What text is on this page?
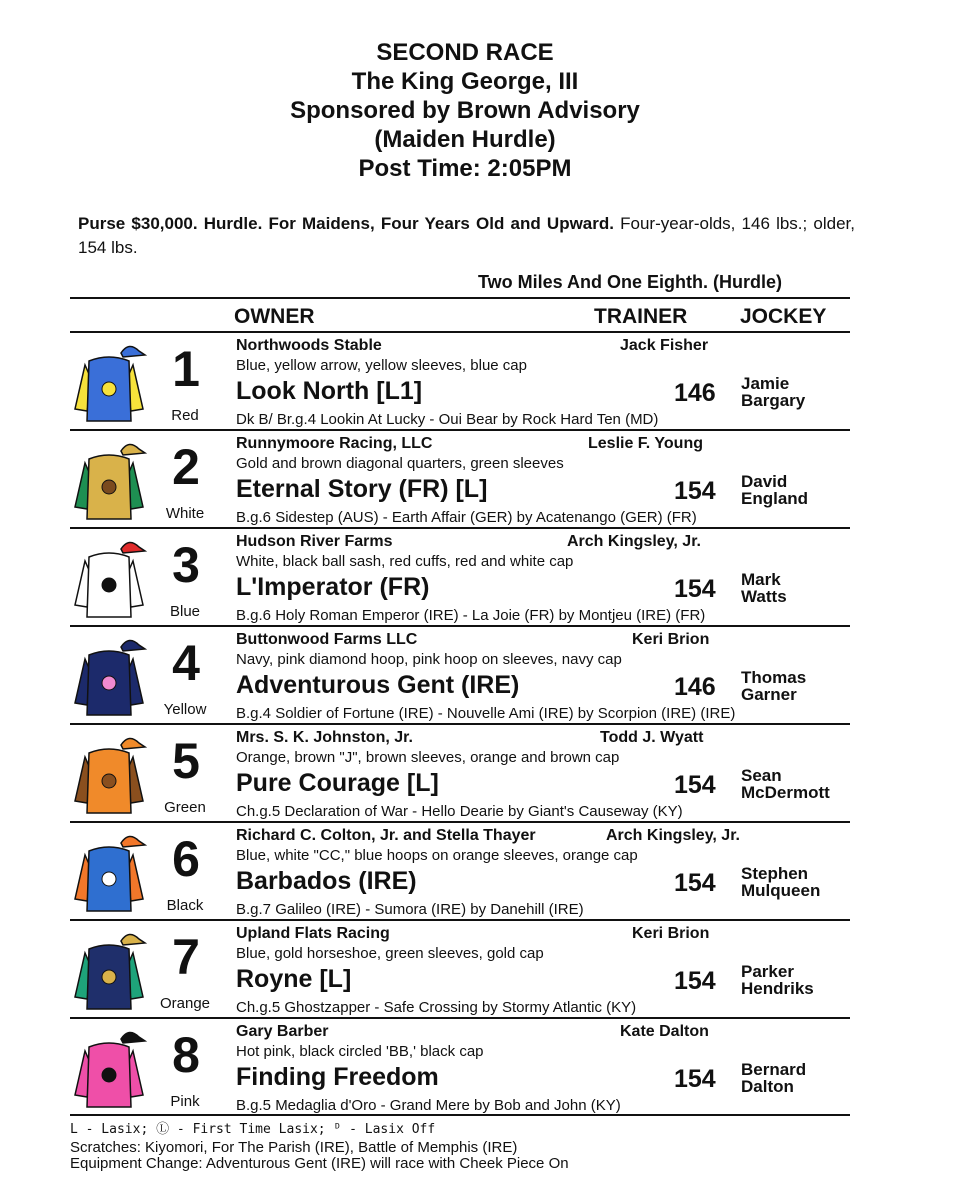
SECOND RACE
The King George, III
Sponsored by Brown Advisory
(Maiden Hurdle)
Post Time: 2:05PM
Purse $30,000. Hurdle. For Maidens, Four Years Old and Upward. Four-year-olds, 146 lbs.; older, 154 lbs.
Two Miles And One Eighth. (Hurdle)
OWNER	TRAINER	JOCKEY
1
Red
Northwoods Stable	Jack Fisher
Blue, yellow arrow, yellow sleeves, blue cap
Look North [L1]	146 Jamie
Bargary
Dk B/ Br.g.4 Lookin At Lucky - Oui Bear by Rock Hard Ten (MD)
2
White
Runnymoore Racing, LLC	Leslie F. Young
Gold and brown diagonal quarters, green sleeves
Eternal Story (FR) [L]	154 David
England
B.g.6 Sidestep (AUS) - Earth Affair (GER) by Acatenango (GER) (FR)
3
Blue
Hudson River Farms	Arch Kingsley, Jr.
White, black ball sash, red cuffs, red and white cap
L'Imperator (FR)	154 Mark
Watts
B.g.6 Holy Roman Emperor (IRE) - La Joie (FR) by Montjeu (IRE) (FR)
4
Yellow
Buttonwood Farms LLC	Keri Brion
Navy, pink diamond hoop, pink hoop on sleeves, navy cap
Adventurous Gent (IRE)	146 Thomas
Garner
B.g.4 Soldier of Fortune (IRE) - Nouvelle Ami (IRE) by Scorpion (IRE) (IRE)
5
Green
Mrs. S. K. Johnston, Jr.	Todd J. Wyatt
Orange, brown "J", brown sleeves, orange and brown cap
Pure Courage [L]	154 Sean
McDermott
Ch.g.5 Declaration of War - Hello Dearie by Giant's Causeway (KY)
6
Black
Richard C. Colton, Jr. and Stella Thayer	Arch Kingsley, Jr.
Blue, white "CC," blue hoops on orange sleeves, orange cap
Barbados (IRE)	154 Stephen
Mulqueen
B.g.7 Galileo (IRE) - Sumora (IRE) by Danehill (IRE)
7
Orange
Upland Flats Racing	Keri Brion
Blue, gold horseshoe, green sleeves, gold cap
Royne [L]	154 Parker
Hendriks
Ch.g.5 Ghostzapper - Safe Crossing by Stormy Atlantic (KY)
8
Pink
Gary Barber	Kate Dalton
Hot pink, black circled 'BB,' black cap
Finding Freedom	154 Bernard
Dalton
B.g.5 Medaglia d'Oro - Grand Mere by Bob and John (KY)
L - Lasix; Ⓛ - First Time Lasix; ᴰ - Lasix Off
Scratches: Kiyomori, For The Parish (IRE), Battle of Memphis (IRE)
Equipment Change: Adventurous Gent (IRE) will race with Cheek Piece On
